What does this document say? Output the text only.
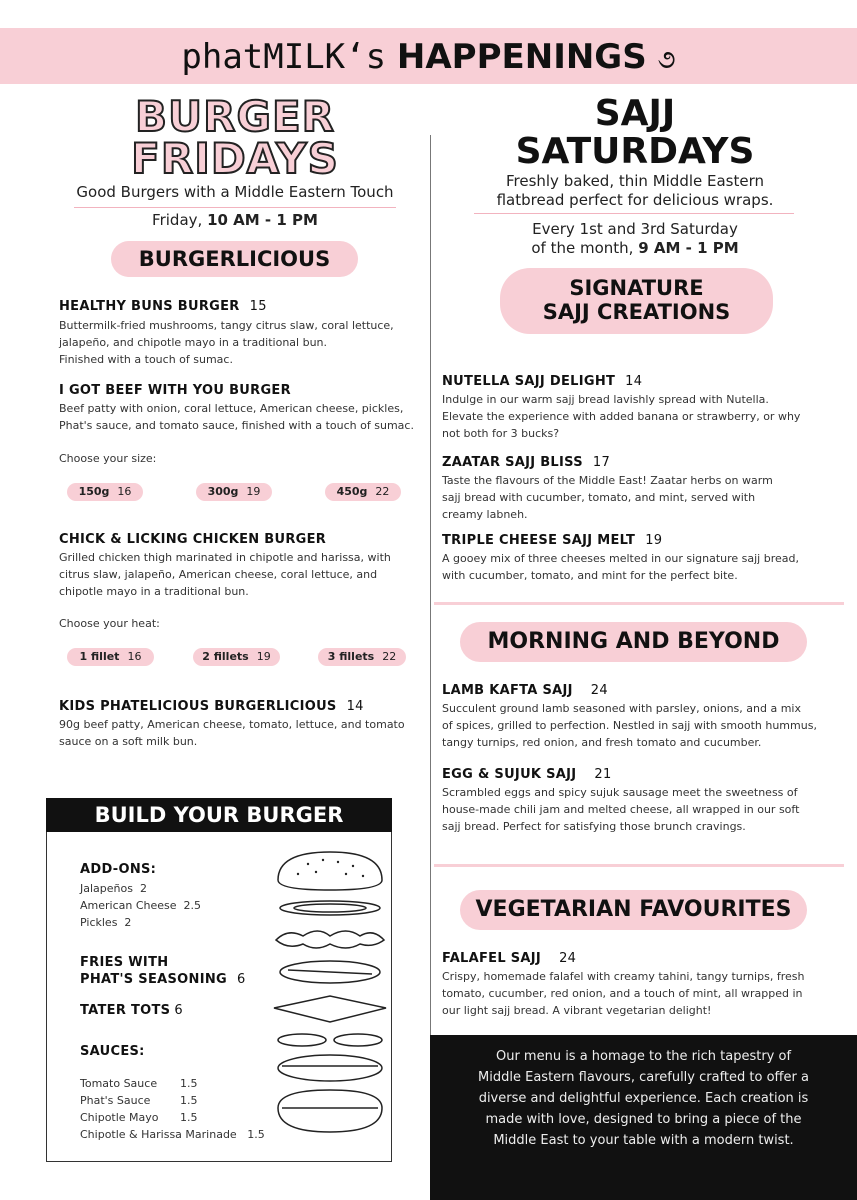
phatMILK‘s HAPPENINGS ૭
BURGER
FRIDAYS
Good Burgers with a Middle Eastern Touch
Friday, 10 AM - 1 PM
BURGERLICIOUS
HEALTHY BUNS BURGER 15
Buttermilk-fried mushrooms, tangy citrus slaw, coral lettuce,
jalapeño, and chipotle mayo in a traditional bun.
Finished with a touch of sumac.
I GOT BEEF WITH YOU BURGER
Beef patty with onion, coral lettuce, American cheese, pickles,
Phat's sauce, and tomato sauce, finished with a touch of sumac.
Choose your size:
150g 16	300g 19	450g 22
CHICK & LICKING CHICKEN BURGER
Grilled chicken thigh marinated in chipotle and harissa, with
citrus slaw, jalapeño, American cheese, coral lettuce, and
chipotle mayo in a traditional bun.
Choose your heat:
1 fillet 16	2 fillets 19	3 fillets 22
KIDS PHATELICIOUS BURGERLICIOUS 14
90g beef patty, American cheese, tomato, lettuce, and tomato
sauce on a soft milk bun.
BUILD YOUR BURGER
ADD-ONS:
Jalapeños 2
American Cheese 2.5
Pickles 2
FRIES WITH
PHAT'S SEASONING 6
TATER TOTS 6
SAUCES:
Tomato Sauce 1.5
Phat's Sauce	1.5
Chipotle Mayo 1.5
Chipotle & Harissa Marinade 1.5
SAJJ
SATURDAYS
Freshly baked, thin Middle Eastern
flatbread perfect for delicious wraps.
Every 1st and 3rd Saturday
of the month, 9 AM - 1 PM
SIGNATURE
SAJJ CREATIONS
NUTELLA SAJJ DELIGHT 14
Indulge in our warm sajj bread lavishly spread with Nutella.
Elevate the experience with added banana or strawberry, or why
not both for 3 bucks?
ZAATAR SAJJ BLISS 17
Taste the flavours of the Middle East! Zaatar herbs on warm
sajj bread with cucumber, tomato, and mint, served with
creamy labneh.
TRIPLE CHEESE SAJJ MELT 19
A gooey mix of three cheeses melted in our signature sajj bread,
with cucumber, tomato, and mint for the perfect bite.
MORNING AND BEYOND
LAMB KAFTA SAJJ 24
Succulent ground lamb seasoned with parsley, onions, and a mix
of spices, grilled to perfection. Nestled in sajj with smooth hummus,
tangy turnips, red onion, and fresh tomato and cucumber.
EGG & SUJUK SAJJ 21
Scrambled eggs and spicy sujuk sausage meet the sweetness of
house-made chili jam and melted cheese, all wrapped in our soft
sajj bread. Perfect for satisfying those brunch cravings.
VEGETARIAN FAVOURITES
FALAFEL SAJJ 24
Crispy, homemade falafel with creamy tahini, tangy turnips, fresh
tomato, cucumber, red onion, and a touch of mint, all wrapped in
our light sajj bread. A vibrant vegetarian delight!
Our menu is a homage to the rich tapestry of
Middle Eastern flavours, carefully crafted to offer a
diverse and delightful experience. Each creation is
made with love, designed to bring a piece of the
Middle East to your table with a modern twist.
